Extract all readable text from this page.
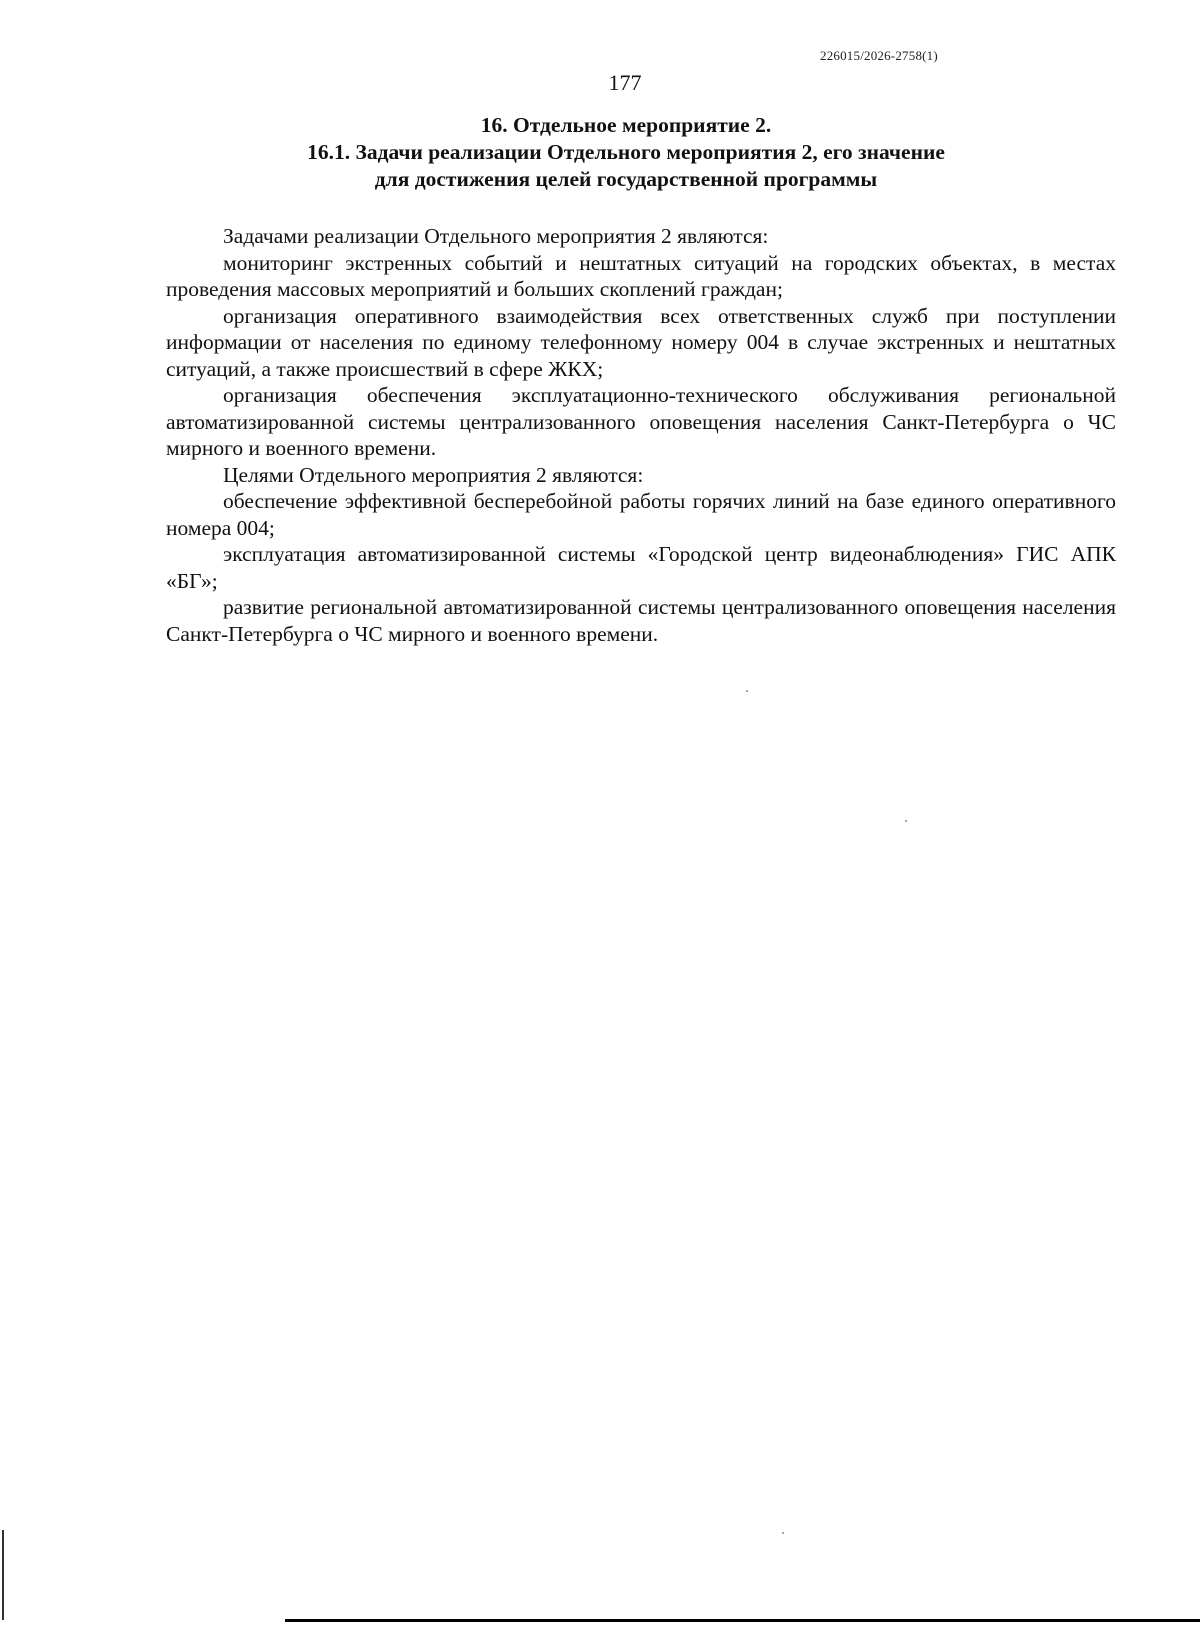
226015/2026-2758(1)
177
16. Отдельное мероприятие 2.
16.1. Задачи реализации Отдельного мероприятия 2, его значение
для достижения целей государственной программы

Задачами реализации Отдельного мероприятия 2 являются:

мониторинг экстренных событий и нештатных ситуаций на городских объектах, в местах проведения массовых мероприятий и больших скоплений граждан;

организация оперативного взаимодействия всех ответственных служб при поступлении информации от населения по единому телефонному номеру 004 в случае экстренных и нештатных ситуаций, а также происшествий в сфере ЖКХ;

организация обеспечения эксплуатационно-технического обслуживания региональной автоматизированной системы централизованного оповещения населения Санкт-Петербурга о ЧС мирного и военного времени.

Целями Отдельного мероприятия 2 являются:

обеспечение эффективной бесперебойной работы горячих линий на базе единого оперативного номера 004;

эксплуатация автоматизированной системы «Городской центр видеонаблюдения» ГИС АПК «БГ»;

развитие региональной автоматизированной системы централизованного оповещения населения Санкт-Петербурга о ЧС мирного и военного времени.
